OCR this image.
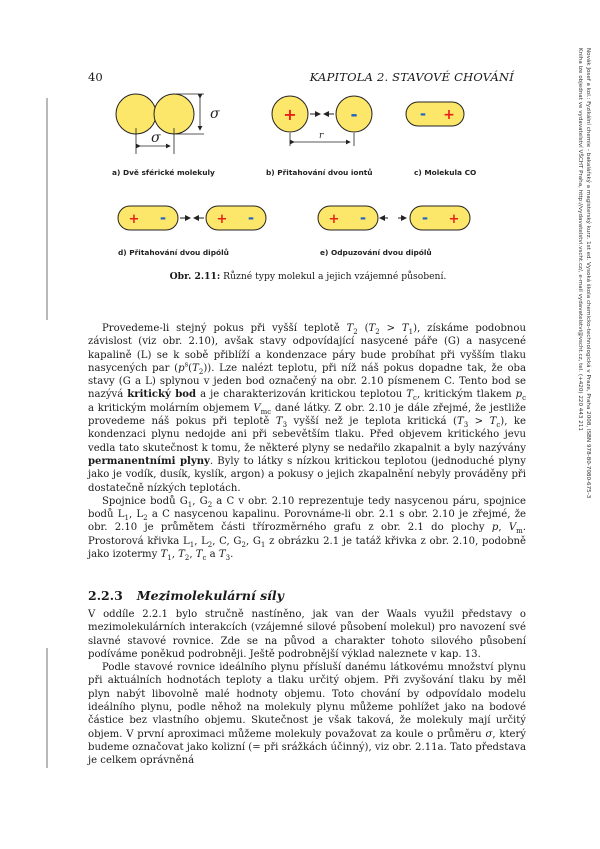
40	KAPITOLA 2. STAVOVÉ CHOVÁNÍ	Novák Josef a kol.: Fyzikální chemie - bakalářský a magisterský kurz. 1st ed. Vysoká škola chemicko-technologická v Praze, Praha 2008, ISBN 978-80-7080-675-3
Kniha lze objednat ve vydavatelství VŠCHT Praha, http://vydavatelstvi.vscht.cz/, e-mail vydavatelstvi@vscht.cz, tel. (+420) 220 443 211
σ
σ
+	-
r
- +
+ -	+ -	+ -	- +
a) Dvě sférické molekuly	b) Přitahování dvou iontů	c) Molekula CO
d) Přitahování dvou dipólů	e) Odpuzování dvou dipólů
Obr. 2.11: Různé typy molekul a jejich vzájemné působení.

Provedeme-li stejný pokus při vyšší teplotě $T_2$ $(T_2 > T_1)$, získáme podobnou závislost (viz obr. 2.10), avšak stavy odpovídající nasycené páře (G) a nasycené kapalině (L) se k sobě přiblíží a kondenzace páry bude probíhat při vyšším tlaku nasycených par $(p^s(T_2))$. Lze nalézt teplotu, při níž náš pokus dopadne tak, že oba stavy (G a L) splynou v jeden bod označený na obr. 2.10 písmenem C. Tento bod se nazývá kritický bod a je charakterizován kritickou teplotou $T_c$, kritickým tlakem $p_c$ a kritickým molárním objemem $V_{mc}$ dané látky. Z obr. 2.10 je dále zřejmé, že jestliže provedeme náš pokus při teplotě $T_3$ vyšší než je teplota kritická $(T_3 > T_c)$, ke kondenzaci plynu nedojde ani při sebevětším tlaku. Před objevem kritického jevu vedla tato skutečnost k tomu, že některé plyny se nedařilo zkapalnit a byly nazývány permanentními plyny. Byly to látky s nízkou kritickou teplotou (jednoduché plyny jako je vodík, dusík, kyslík, argon) a pokusy o jejich zkapalnění nebyly prováděny při dostatečně nízkých teplotách.

Spojnice bodů $G_1$, $G_2$ a C v obr. 2.10 reprezentuje tedy nasycenou páru, spojnice bodů $L_1$, $L_2$ a C nasycenou kapalinu. Porovnáme-li obr. 2.1 s obr. 2.10 je zřejmé, že obr. 2.10 je průmětem části třírozměrného grafu z obr. 2.1 do plochy p, $V_m$. Prostorová křivka $L_1$, $L_2$, C, $G_2$, $G_1$ z obrázku 2.1 je tatáž křivka z obr. 2.10, podobně jako izotermy $T_1$, $T_2$, $T_c$ a $T_3$.

2.2.3 Mezimolekulární síly

V oddíle 2.2.1 bylo stručně nastíněno, jak van der Waals využil představy o mezimolekulárních interakcích (vzájemné silové působení molekul) pro navození své slavné stavové rovnice. Zde se na původ a charakter tohoto silového působení podíváme poněkud podrobněji. Ještě podrobnější výklad naleznete v kap. 13.

Podle stavové rovnice ideálního plynu přísluší danému látkovému množství plynu při aktuálních hodnotách teploty a tlaku určitý objem. Při zvyšování tlaku by měl plyn nabýt libovolně malé hodnoty objemu. Toto chování by odpovídalo modelu ideálního plynu, podle něhož na molekuly plynu můžeme pohlížet jako na bodové částice bez vlastního objemu. Skutečnost je však taková, že molekuly mají určitý objem. V první aproximaci můžeme molekuly považovat za koule o průměru σ, který budeme označovat jako kolizní (= při srážkách účinný), viz obr. 2.11a. Tato představa je celkem oprávněná
